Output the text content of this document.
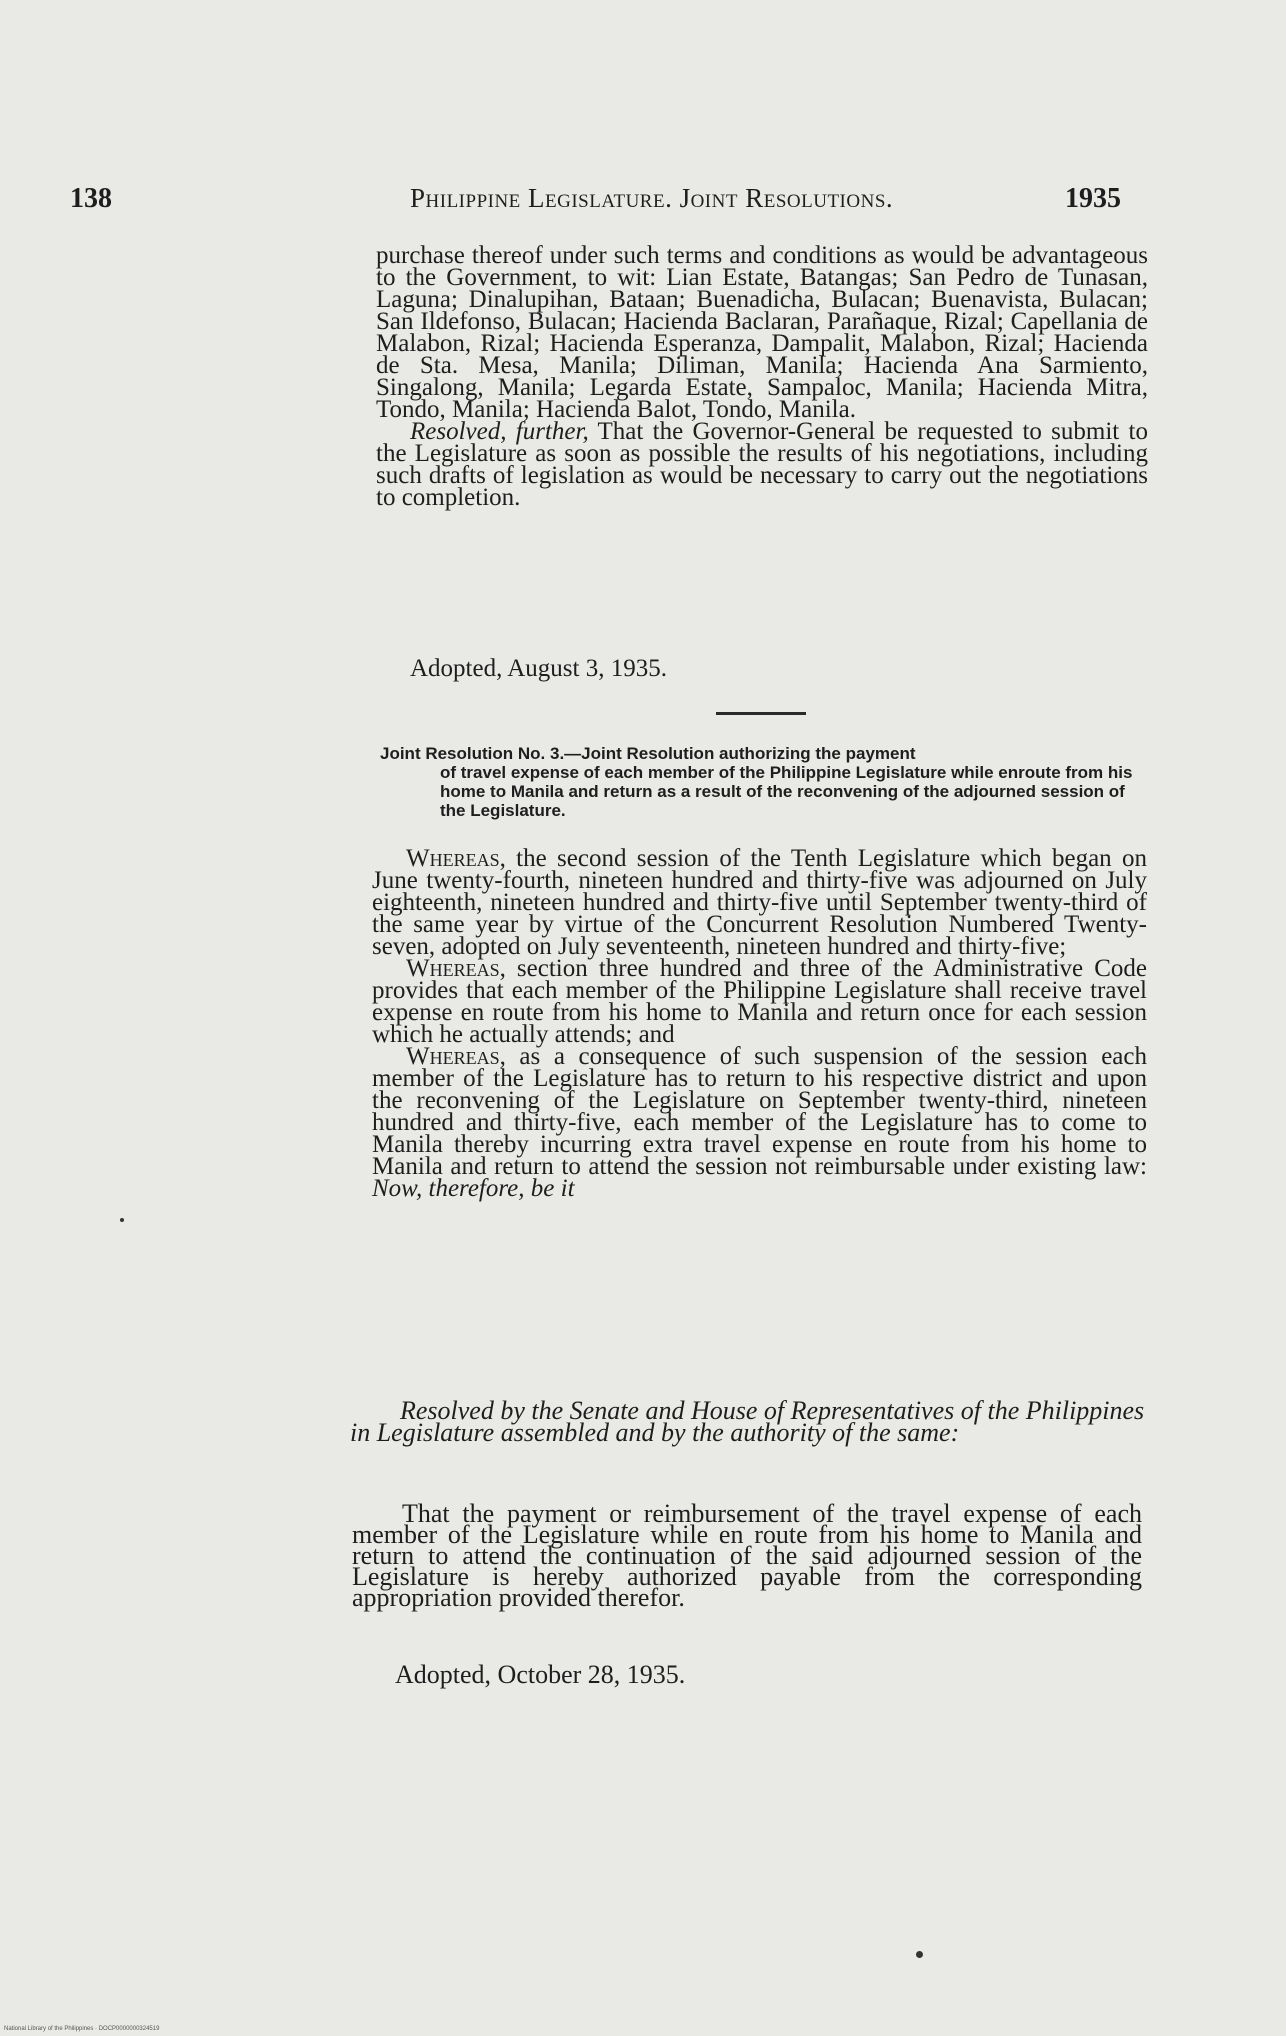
138	Philippine Legislature. Joint Resolutions.	1935

purchase thereof under such terms and conditions as would be advantageous to the Government, to wit: Lian Estate, Batangas; San Pedro de Tunasan, Laguna; Dinalupihan, Bataan; Buenadicha, Bulacan; Buenavista, Bulacan; San Ildefonso, Bulacan; Hacienda Baclaran, Parañaque, Rizal; Capellania de Malabon, Rizal; Hacienda Esperanza, Dampalit, Malabon, Rizal; Hacienda de Sta. Mesa, Manila; Diliman, Manila; Hacienda Ana Sarmiento, Singalong, Manila; Legarda Estate, Sampaloc, Manila; Hacienda Mitra, Tondo, Manila; Hacienda Balot, Tondo, Manila.

Resolved, further, That the Governor-General be requested to submit to the Legislature as soon as possible the results of his negotiations, including such drafts of legislation as would be necessary to carry out the negotiations to completion.

Adopted, August 3, 1935.
Joint Resolution No. 3.—Joint Resolution authorizing the payment
of travel expense of each member of the Philippine Legislature while enroute from his home to Manila and return as a result of the reconvening of the adjourned session of the Legislature.

Whereas, the second session of the Tenth Legislature which began on June twenty-fourth, nineteen hundred and thirty-five was adjourned on July eighteenth, nineteen hundred and thirty-five until September twenty-third of the same year by virtue of the Concurrent Resolution Numbered Twenty-seven, adopted on July seventeenth, nineteen hundred and thirty-five;

Whereas, section three hundred and three of the Administrative Code provides that each member of the Philippine Legislature shall receive travel expense en route from his home to Manila and return once for each session which he actually attends; and

Whereas, as a consequence of such suspension of the session each member of the Legislature has to return to his respective district and upon the reconvening of the Legislature on September twenty-third, nineteen hundred and thirty-five, each member of the Legislature has to come to Manila thereby incurring extra travel expense en route from his home to Manila and return to attend the session not reimbursable under existing law: Now, therefore, be it

Resolved by the Senate and House of Representatives of the Philippines in Legislature assembled and by the authority of the same:
That the payment or reimbursement of the travel expense of each member of the Legislature while en route from his home to Manila and return to attend the continuation of the said adjourned session of the Legislature is hereby authorized payable from the corresponding appropriation provided therefor.
Adopted, October 28, 1935.
National Library of the Philippines · DOCP0000000324519
